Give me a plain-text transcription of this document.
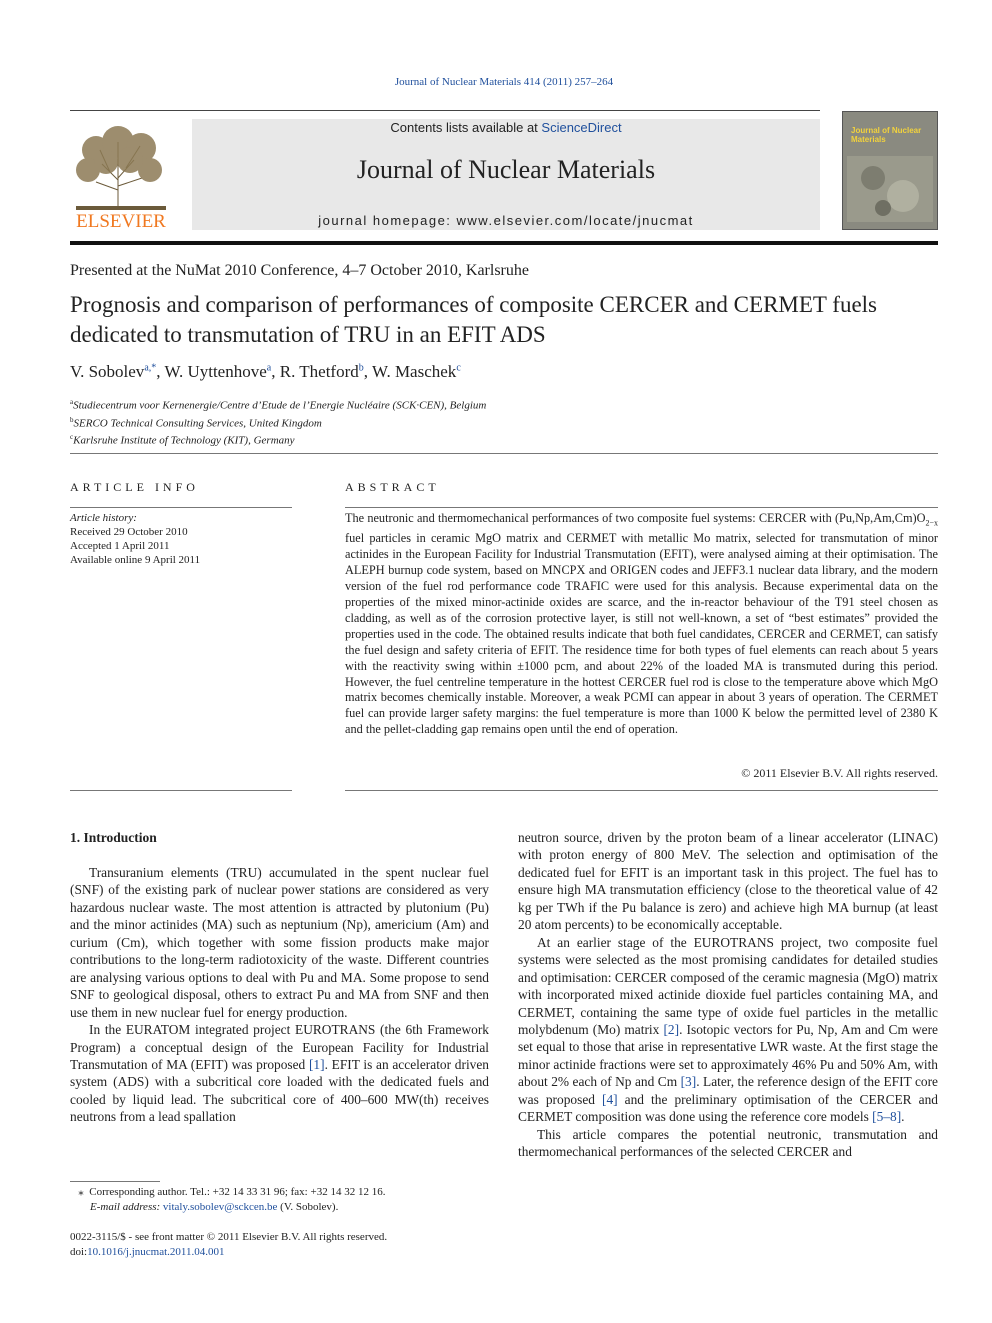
Journal of Nuclear Materials 414 (2011) 257–264
ELSEVIER
Contents lists available at ScienceDirect
Journal of Nuclear Materials
journal homepage: www.elsevier.com/locate/jnucmat
Journal of Nuclear Materials
Presented at the NuMat 2010 Conference, 4–7 October 2010, Karlsruhe
Prognosis and comparison of performances of composite CERCER and CERMET fuels dedicated to transmutation of TRU in an EFIT ADS
V. Sobolev$^{a,*}$, W. Uyttenhove$^a$, R. Thetford$^b$, W. Maschek$^c$
$^a$Studiecentrum voor Kernenergie/Centre d’Etude de l’Energie Nucléaire (SCK·CEN), Belgium
$^b$SERCO Technical Consulting Services, United Kingdom
$^c$Karlsruhe Institute of Technology (KIT), Germany
ARTICLE INFO	ABSTRACT
Article history:
Received 29 October 2010
Accepted 1 April 2011
Available online 9 April 2011
The neutronic and thermomechanical performances of two composite fuel systems: CERCER with $(Pu,Np,Am,Cm)O_{2-x}$ fuel particles in ceramic MgO matrix and CERMET with metallic Mo matrix, selected for transmutation of minor actinides in the European Facility for Industrial Transmutation (EFIT), were analysed aiming at their optimisation. The ALEPH burnup code system, based on MNCPX and ORIGEN codes and JEFF3.1 nuclear data library, and the modern version of the fuel rod performance code TRAFIC were used for this analysis. Because experimental data on the properties of the mixed minor-actinide oxides are scarce, and the in-reactor behaviour of the T91 steel chosen as cladding, as well as of the corrosion protective layer, is still not well-known, a set of “best estimates” provided the properties used in the code. The obtained results indicate that both fuel candidates, CERCER and CERMET, can satisfy the fuel design and safety criteria of EFIT. The residence time for both types of fuel elements can reach about 5 years with the reactivity swing within ±1000 pcm, and about 22% of the loaded MA is transmuted during this period. However, the fuel centreline temperature in the hottest CERCER fuel rod is close to the temperature above which MgO matrix becomes chemically instable. Moreover, a weak PCMI can appear in about 3 years of operation. The CERMET fuel can provide larger safety margins: the fuel temperature is more than 1000 K below the permitted level of 2380 K and the pellet-cladding gap remains open until the end of operation.
© 2011 Elsevier B.V. All rights reserved.
1. Introduction

Transuranium elements (TRU) accumulated in the spent nuclear fuel (SNF) of the existing park of nuclear power stations are considered as very hazardous nuclear waste. The most attention is attracted by plutonium (Pu) and the minor actinides (MA) such as neptunium (Np), americium (Am) and curium (Cm), which together with some fission products make major contributions to the long-term radiotoxicity of the waste. Different countries are analysing various options to deal with Pu and MA. Some propose to send SNF to geological disposal, others to extract Pu and MA from SNF and then use them in new nuclear fuel for energy production.

In the EURATOM integrated project EUROTRANS (the 6th Framework Program) a conceptual design of the European Facility for Industrial Transmutation of MA (EFIT) was proposed [1]. EFIT is an accelerator driven system (ADS) with a subcritical core loaded with the dedicated fuels and cooled by liquid lead. The subcritical core of 400–600 MW(th) receives neutrons from a lead spallation

neutron source, driven by the proton beam of a linear accelerator (LINAC) with proton energy of 800 MeV. The selection and optimisation of the dedicated fuel for EFIT is an important task in this project. The fuel has to ensure high MA transmutation efficiency (close to the theoretical value of 42 kg per TWh if the Pu balance is zero) and achieve high MA burnup (at least 20 atom percents) to be economically acceptable.

At an earlier stage of the EUROTRANS project, two composite fuel systems were selected as the most promising candidates for detailed studies and optimisation: CERCER composed of the ceramic magnesia (MgO) matrix with incorporated mixed actinide dioxide fuel particles containing MA, and CERMET, containing the same type of oxide fuel particles in the metallic molybdenum (Mo) matrix [2]. Isotopic vectors for Pu, Np, Am and Cm were set equal to those that arise in representative LWR waste. At the first stage the minor actinide fractions were set to approximately 46% Pu and 50% Am, with about 2% each of Np and Cm [3]. Later, the reference design of the EFIT core was proposed [4] and the preliminary optimisation of the CERCER and CERMET composition was done using the reference core models [5–8].

This article compares the potential neutronic, transmutation and thermomechanical performances of the selected CERCER and

⁎ Corresponding author. Tel.: +32 14 33 31 96; fax: +32 14 32 12 16.
E-mail address: vitaly.sobolev@sckcen.be (V. Sobolev).
0022-3115/$ - see front matter © 2011 Elsevier B.V. All rights reserved.
doi:10.1016/j.jnucmat.2011.04.001
